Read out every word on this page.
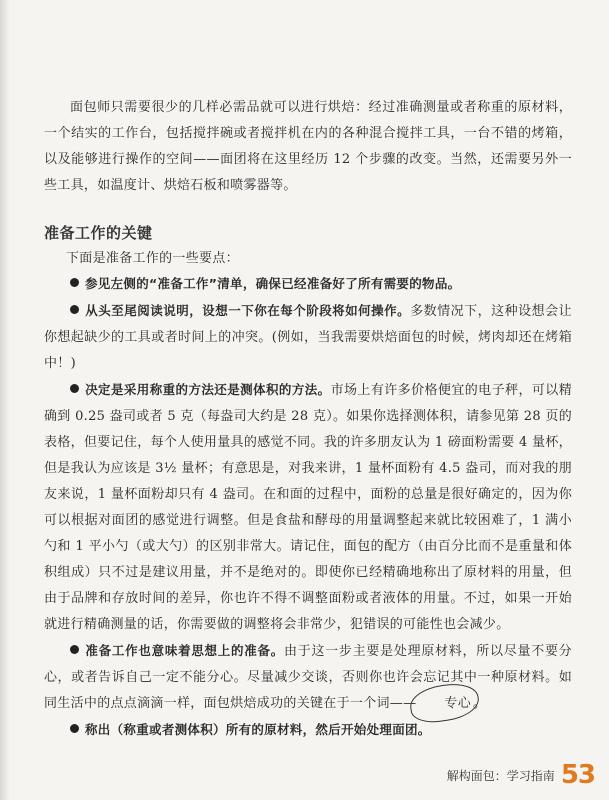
面包师只需要很少的几样必需品就可以进行烘焙：经过准确测量或者称重的原材料，一个结实的工作台，包括搅拌碗或者搅拌机在内的各种混合搅拌工具，一台不错的烤箱，以及能够进行操作的空间——面团将在这里经历 12 个步骤的改变。当然，还需要另外一些工具，如温度计、烘焙石板和喷雾器等。

准备工作的关键

下面是准备工作的一些要点：

参见左侧的“准备工作”清单，确保已经准备好了所有需要的物品。

从头至尾阅读说明，设想一下你在每个阶段将如何操作。多数情况下，这种设想会让你想起缺少的工具或者时间上的冲突。(例如，当我需要烘焙面包的时候，烤肉却还在烤箱中！)

决定是采用称重的方法还是测体积的方法。市场上有许多价格便宜的电子秤，可以精确到 0.25 盎司或者 5 克（每盎司大约是 28 克）。如果你选择测体积，请参见第 28 页的表格，但要记住，每个人使用量具的感觉不同。我的许多朋友认为 1 磅面粉需要 4 量杯，但是我认为应该是 3½ 量杯；有意思是，对我来讲，1 量杯面粉有 4.5 盎司，而对我的朋友来说，1 量杯面粉却只有 4 盎司。在和面的过程中，面粉的总量是很好确定的，因为你可以根据对面团的感觉进行调整。但是食盐和酵母的用量调整起来就比较困难了，1 满小勺和 1 平小勺（或大勺）的区别非常大。请记住，面包的配方（由百分比而不是重量和体积组成）只不过是建议用量，并不是绝对的。即使你已经精确地称出了原材料的用量，但由于品牌和存放时间的差异，你也许不得不调整面粉或者液体的用量。不过，如果一开始就进行精确测量的话，你需要做的调整将会非常少，犯错误的可能性也会减少。

准备工作也意味着思想上的准备。由于这一步主要是处理原材料，所以尽量不要分心，或者告诉自己一定不能分心。尽量减少交谈，否则你也许会忘记其中一种原材料。如同生活中的点点滴滴一样，面包烘焙成功的关键在于一个词—— 专心 。

称出（称重或者测体积）所有的原材料，然后开始处理面团。

解构面包：学习指南 53
